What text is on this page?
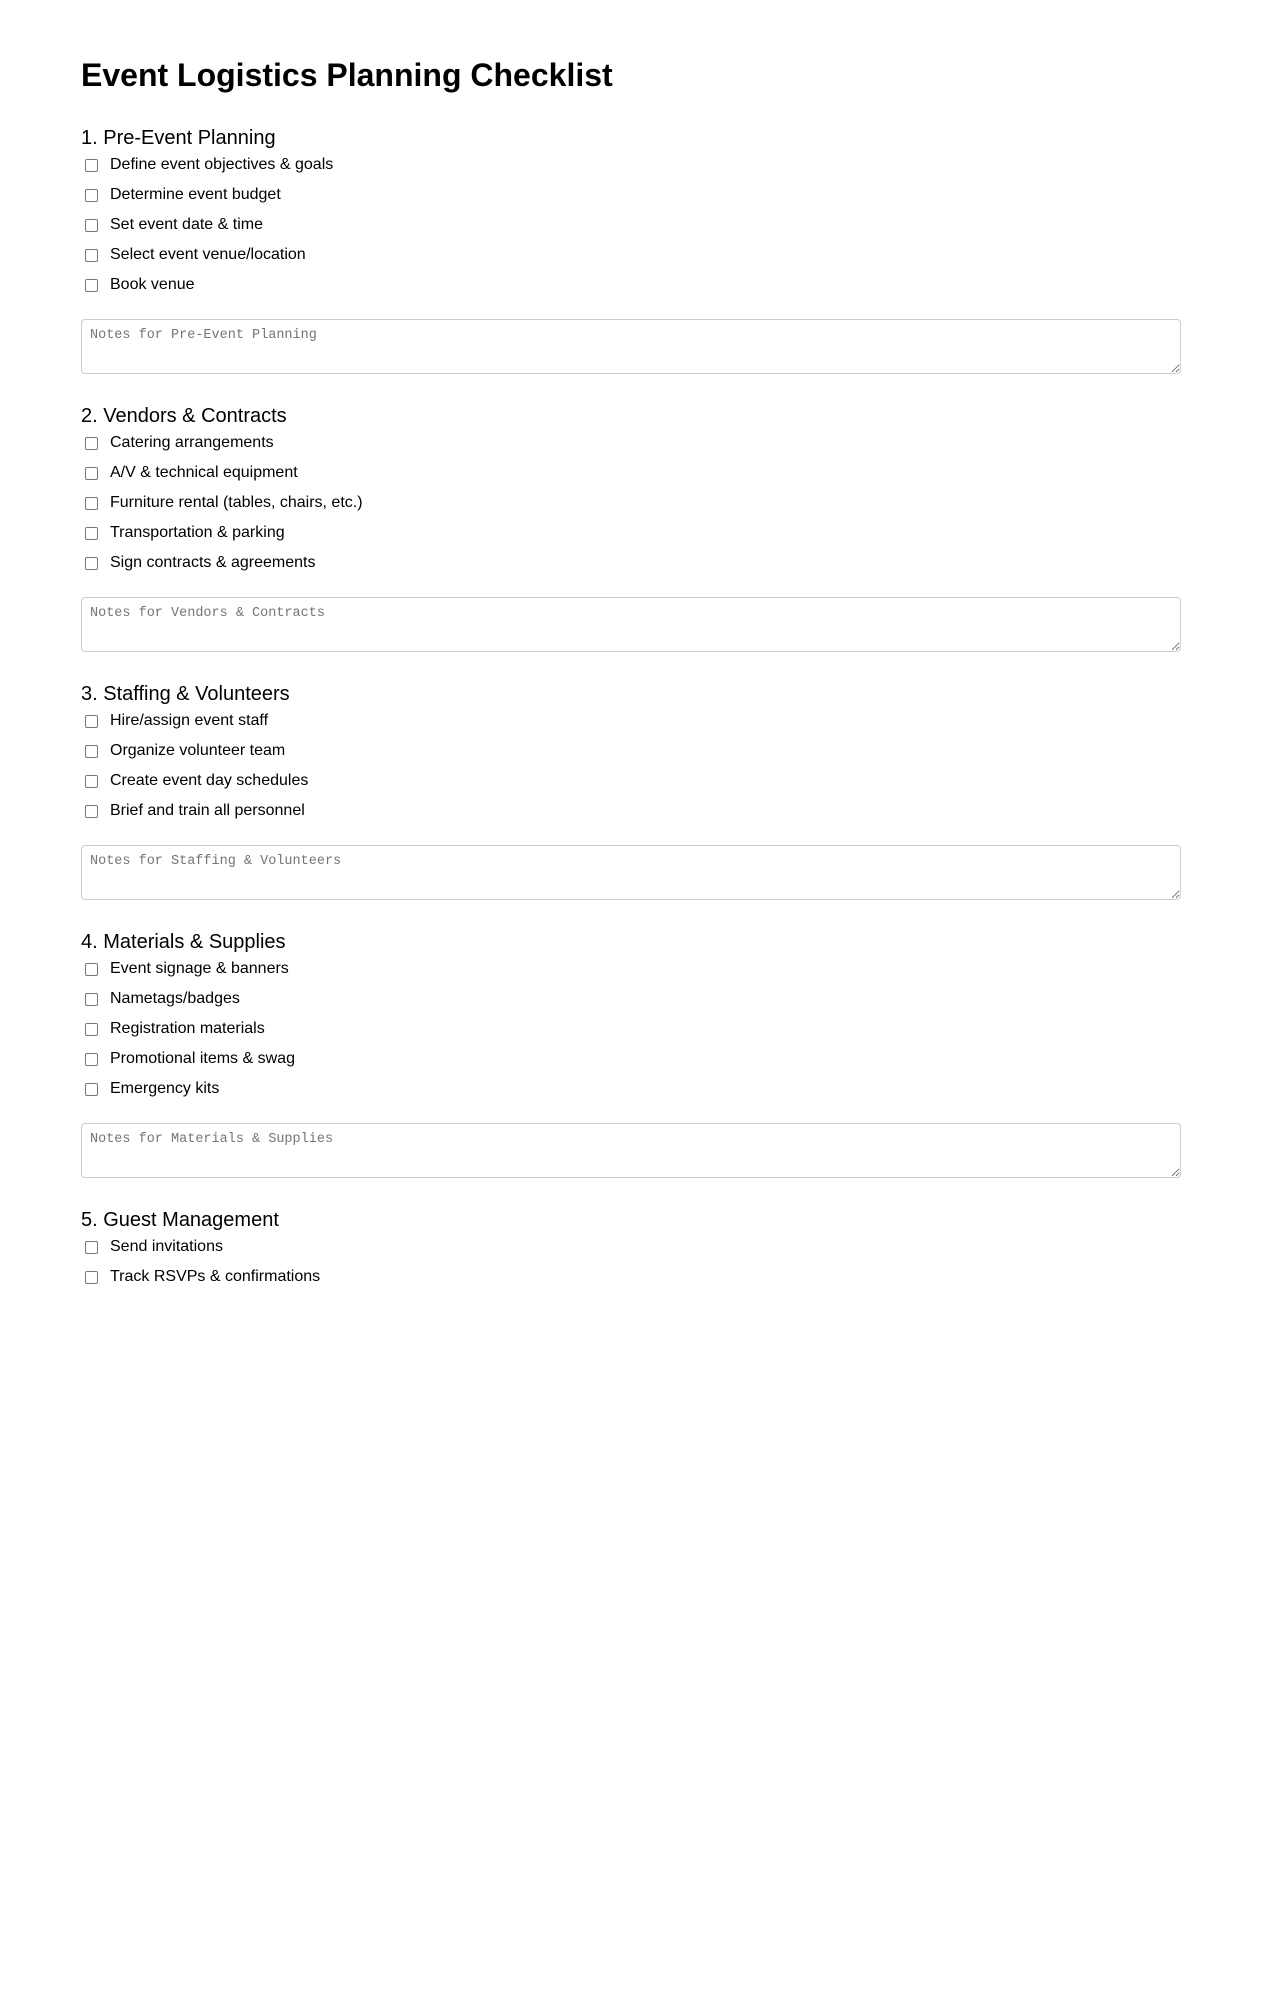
Event Logistics Planning Checklist
1. Pre-Event Planning
Define event objectives & goals
Determine event budget
Set event date & time
Select event venue/location
Book venue
Notes for Pre-Event Planning
2. Vendors & Contracts
Catering arrangements
A/V & technical equipment
Furniture rental (tables, chairs, etc.)
Transportation & parking
Sign contracts & agreements
Notes for Vendors & Contracts
3. Staffing & Volunteers
Hire/assign event staff
Organize volunteer team
Create event day schedules
Brief and train all personnel
Notes for Staffing & Volunteers
4. Materials & Supplies
Event signage & banners
Nametags/badges
Registration materials
Promotional items & swag
Emergency kits
Notes for Materials & Supplies
5. Guest Management
Send invitations
Track RSVPs & confirmations
